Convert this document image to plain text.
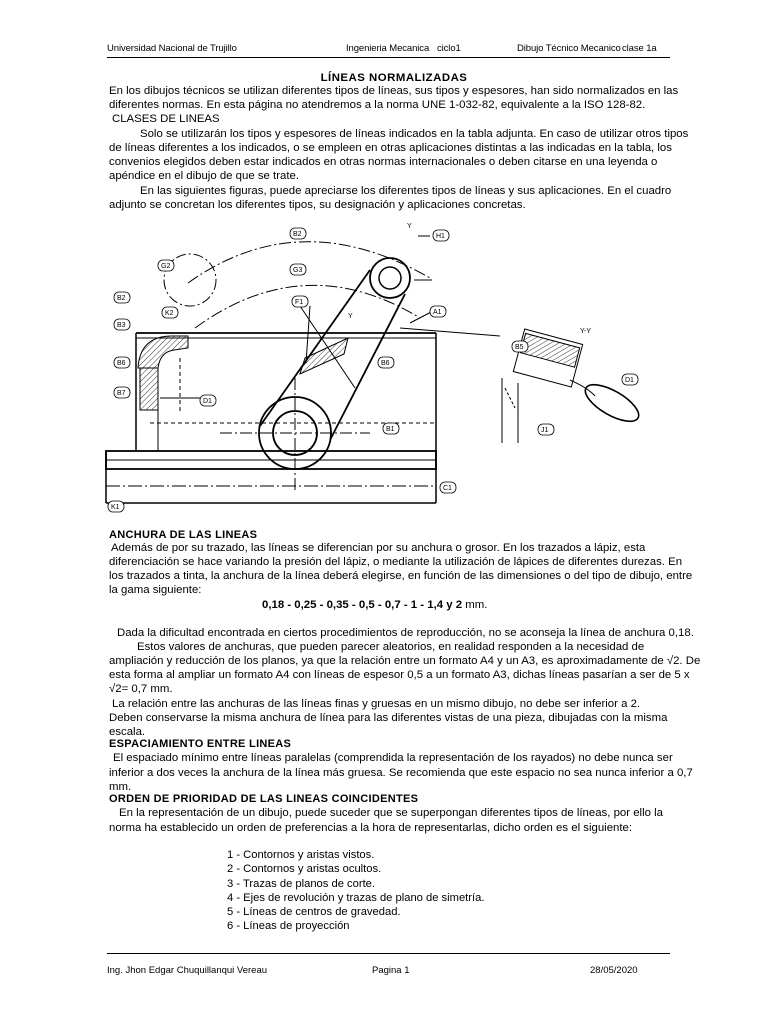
Universidad Nacional de Trujillo	Ingenieria Mecanica ciclo1	Dibujo Técnico Mecanico clase 1a
LÍNEAS NORMALIZADAS

En los dibujos técnicos se utilizan diferentes tipos de líneas, sus tipos y espesores, han sido normalizados en las

diferentes normas. En esta página no atendremos a la norma UNE 1-032-82, equivalente a la ISO 128-82.

CLASES DE LINEAS

Solo se utilizarán los tipos y espesores de líneas indicados en la tabla adjunta. En caso de utilizar otros tipos

de líneas diferentes a los indicados, o se empleen en otras aplicaciones distintas a las indicadas en la tabla, los

convenios elegidos deben estar indicados en otras normas internacionales o deben citarse en una leyenda o

apéndice en el dibujo de que se trate.

En las siguientes figuras, puede apreciarse los diferentes tipos de líneas y sus aplicaciones. En el cuadro

adjunto se concretan los diferentes tipos, su designación y aplicaciones concretas.

B2	H1
G2
G3
B2
F1
A1
K2
B3
B6	B6
B7
D1
B1
C1
K1
Y-Y
B5
D1
J1
Y
Y
ANCHURA DE LAS LINEAS

Además de por su trazado, las líneas se diferencian por su anchura o grosor. En los trazados a lápiz, esta

diferenciación se hace variando la presión del lápiz, o mediante la utilización de lápices de diferentes durezas. En

los trazados a tinta, la anchura de la línea deberá elegirse, en función de las dimensiones o del tipo de dibujo, entre

la gama siguiente:

0,18 - 0,25 - 0,35 - 0,5 - 0,7 - 1 - 1,4 y 2 mm.

Dada la dificultad encontrada en ciertos procedimientos de reproducción, no se aconseja la línea de anchura 0,18.

Estos valores de anchuras, que pueden parecer aleatorios, en realidad responden a la necesidad de

ampliación y reducción de los planos, ya que la relación entre un formato A4 y un A3, es aproximadamente de √2. De

esta forma al ampliar un formato A4 con líneas de espesor 0,5 a un formato A3, dichas líneas pasarían a ser de 5 x

√2= 0,7 mm.

La relación entre las anchuras de las líneas finas y gruesas en un mismo dibujo, no debe ser inferior a 2.

Deben conservarse la misma anchura de línea para las diferentes vistas de una pieza, dibujadas con la misma

escala.

ESPACIAMIENTO ENTRE LINEAS

El espaciado mínimo entre líneas paralelas (comprendida la representación de los rayados) no debe nunca ser

inferior a dos veces la anchura de la línea más gruesa. Se recomienda que este espacio no sea nunca inferior a 0,7

mm.

ORDEN DE PRIORIDAD DE LAS LINEAS COINCIDENTES

En la representación de un dibujo, puede suceder que se superpongan diferentes tipos de líneas, por ello la

norma ha establecido un orden de preferencias a la hora de representarlas, dicho orden es el siguiente:

1 - Contornos y aristas vistos.
2 - Contornos y aristas ocultos.
3 - Trazas de planos de corte.
4 - Ejes de revolución y trazas de plano de simetría.
5 - Líneas de centros de gravedad.
6 - Líneas de proyección
Ing. Jhon Edgar Chuquillanqui Vereau	Pagina 1	28/05/2020
